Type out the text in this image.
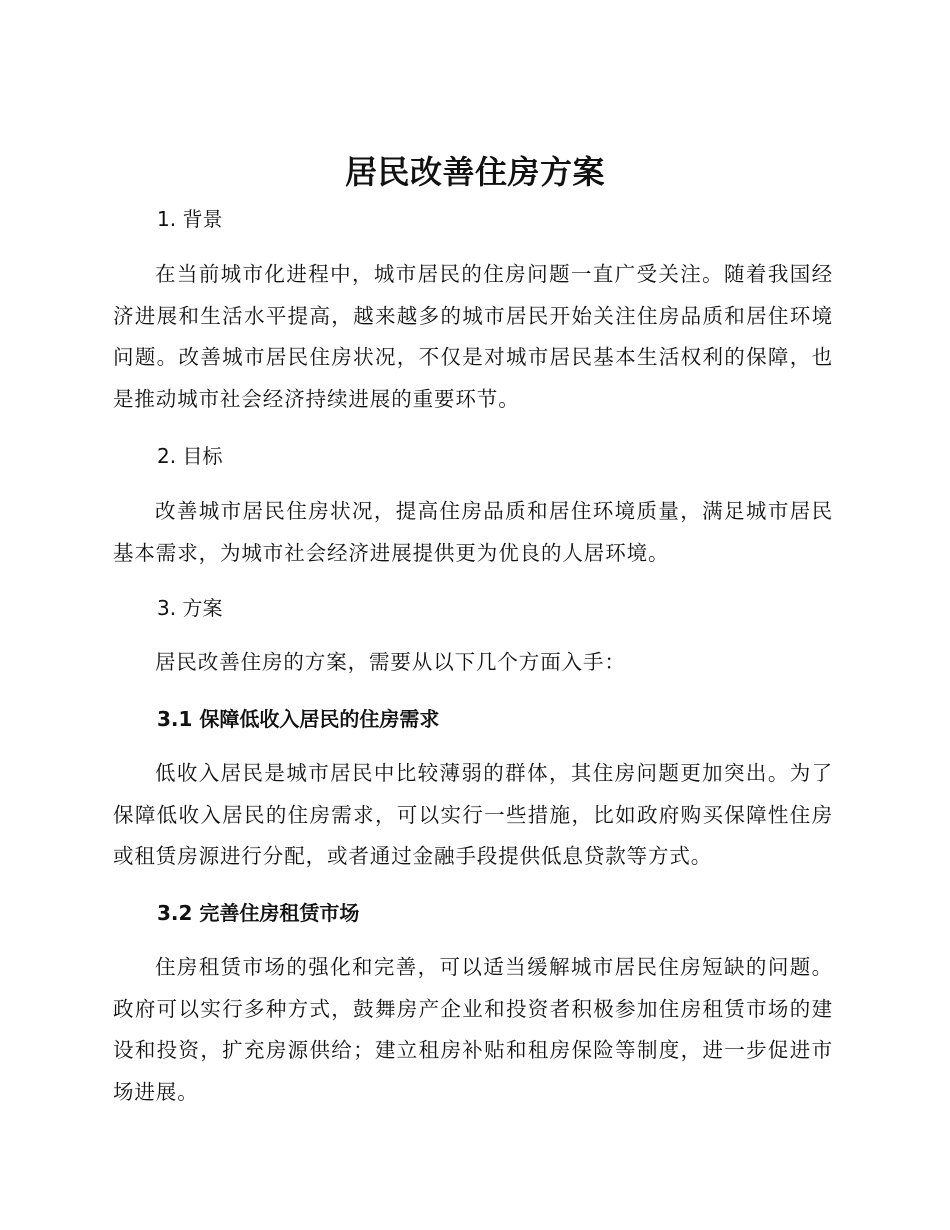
居民改善住房方案
1. 背景
在当前城市化进程中，城市居民的住房问题一直广受关注。随着我国经济进展和生活水平提高，越来越多的城市居民开始关注住房品质和居住环境问题。改善城市居民住房状况，不仅是对城市居民基本生活权利的保障，也是推动城市社会经济持续进展的重要环节。
2. 目标
改善城市居民住房状况，提高住房品质和居住环境质量，满足城市居民基本需求，为城市社会经济进展提供更为优良的人居环境。
3. 方案
居民改善住房的方案，需要从以下几个方面入手：
3.1 保障低收入居民的住房需求
低收入居民是城市居民中比较薄弱的群体，其住房问题更加突出。为了保障低收入居民的住房需求，可以实行一些措施，比如政府购买保障性住房或租赁房源进行分配，或者通过金融手段提供低息贷款等方式。
3.2 完善住房租赁市场
住房租赁市场的强化和完善，可以适当缓解城市居民住房短缺的问题。政府可以实行多种方式，鼓舞房产企业和投资者积极参加住房租赁市场的建设和投资，扩充房源供给；建立租房补贴和租房保险等制度，进一步促进市场进展。
